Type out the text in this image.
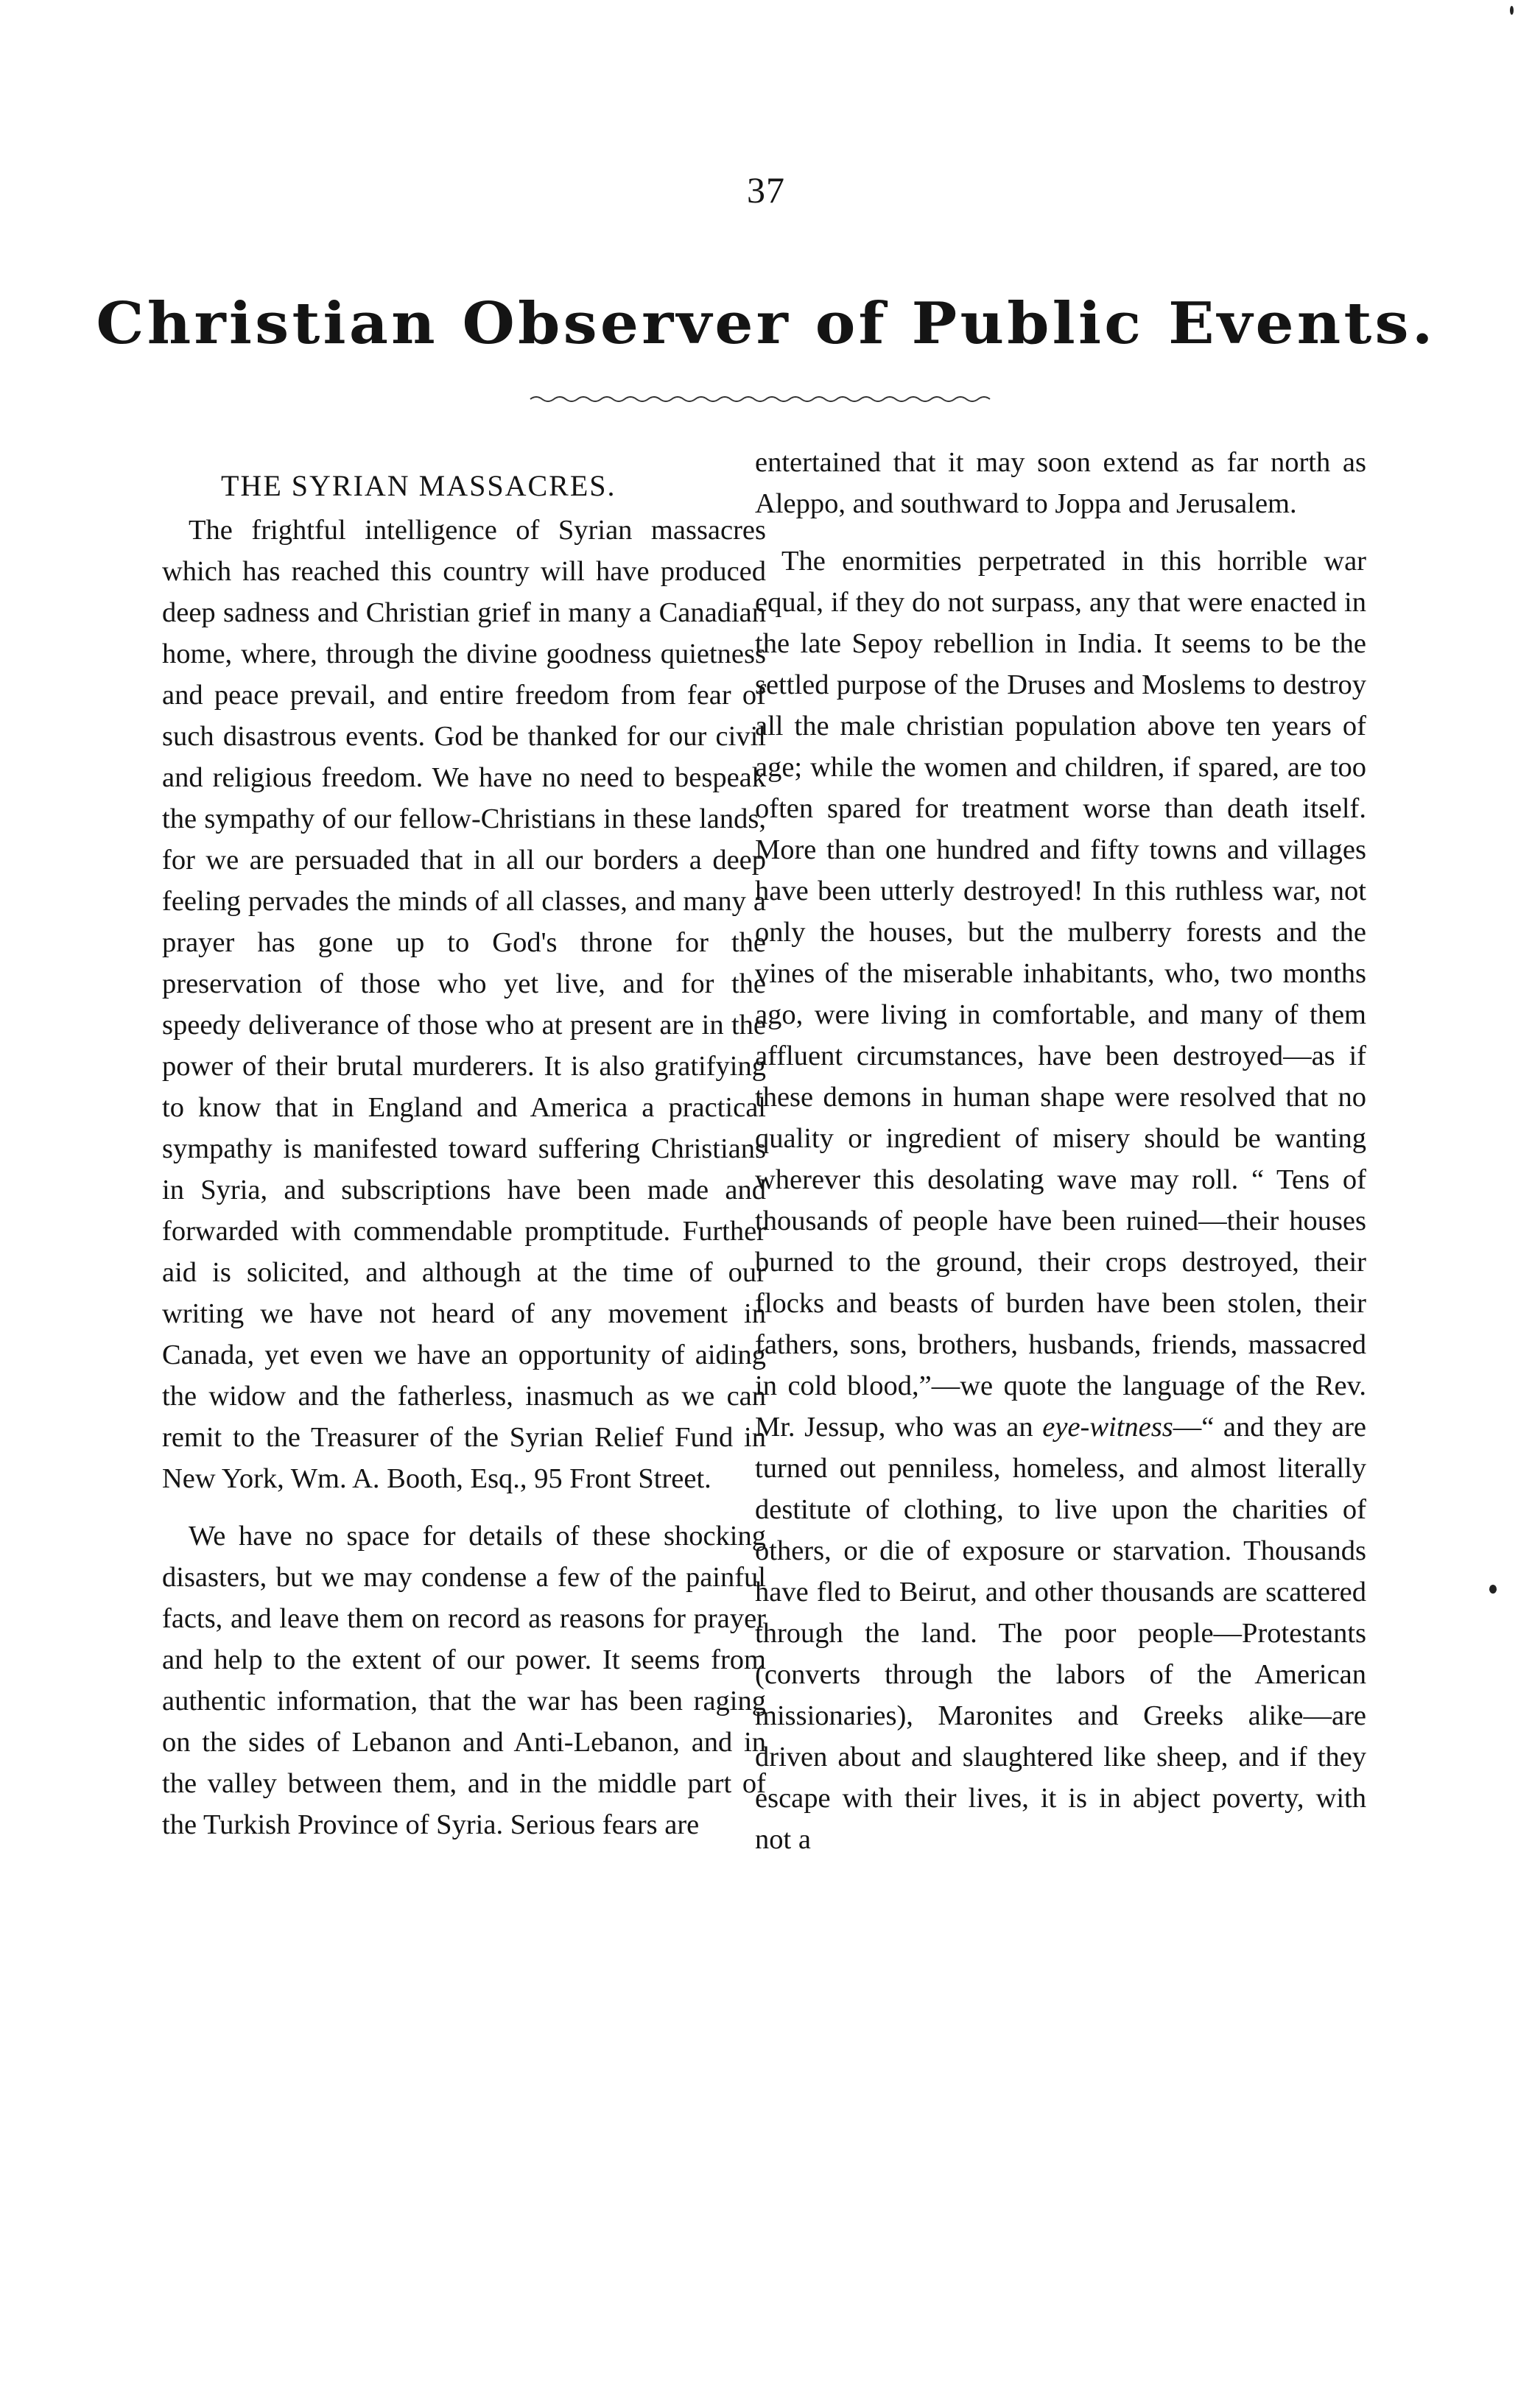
37
Christian Observer of Public Events.
THE SYRIAN MASSACRES.

The frightful intelligence of Syrian massacres which has reached this country will have produced deep sadness and Christian grief in many a Canadian home, where, through the divine goodness quietness and peace prevail, and entire freedom from fear of such disastrous events. God be thanked for our civil and religious freedom. We have no need to bespeak the sympathy of our fellow-Christians in these lands, for we are persuaded that in all our borders a deep feeling pervades the minds of all classes, and many a prayer has gone up to God's throne for the preservation of those who yet live, and for the speedy deliverance of those who at present are in the power of their brutal murderers. It is also gratifying to know that in England and America a practical sympathy is manifested toward suffering Christians in Syria, and subscriptions have been made and forwarded with commendable promptitude. Further aid is solicited, and although at the time of our writing we have not heard of any movement in Canada, yet even we have an opportunity of aiding the widow and the fatherless, inasmuch as we can remit to the Treasurer of the Syrian Relief Fund in New York, Wm. A. Booth, Esq., 95 Front Street.

We have no space for details of these shocking disasters, but we may condense a few of the painful facts, and leave them on record as reasons for prayer and help to the extent of our power. It seems from authentic information, that the war has been raging on the sides of Lebanon and Anti-Lebanon, and in the valley between them, and in the middle part of the Turkish Province of Syria. Serious fears are

entertained that it may soon extend as far north as Aleppo, and southward to Joppa and Jerusalem.

The enormities perpetrated in this horrible war equal, if they do not surpass, any that were enacted in the late Sepoy rebellion in India. It seems to be the settled purpose of the Druses and Moslems to destroy all the male christian population above ten years of age; while the women and children, if spared, are too often spared for treatment worse than death itself. More than one hundred and fifty towns and villages have been utterly destroyed! In this ruthless war, not only the houses, but the mulberry forests and the vines of the miserable inhabitants, who, two months ago, were living in comfortable, and many of them affluent circumstances, have been destroyed—as if these demons in human shape were resolved that no quality or ingredient of misery should be wanting wherever this desolating wave may roll. “ Tens of thousands of people have been ruined—their houses burned to the ground, their crops destroyed, their flocks and beasts of burden have been stolen, their fathers, sons, brothers, husbands, friends, massacred in cold blood,”—we quote the language of the Rev. Mr. Jessup, who was an eye-witness—“ and they are turned out penniless, homeless, and almost literally destitute of clothing, to live upon the charities of others, or die of exposure or starvation. Thousands have fled to Beirut, and other thousands are scattered through the land. The poor people—Protestants (converts through the labors of the American missionaries), Maronites and Greeks alike—are driven about and slaughtered like sheep, and if they escape with their lives, it is in abject poverty, with not a
